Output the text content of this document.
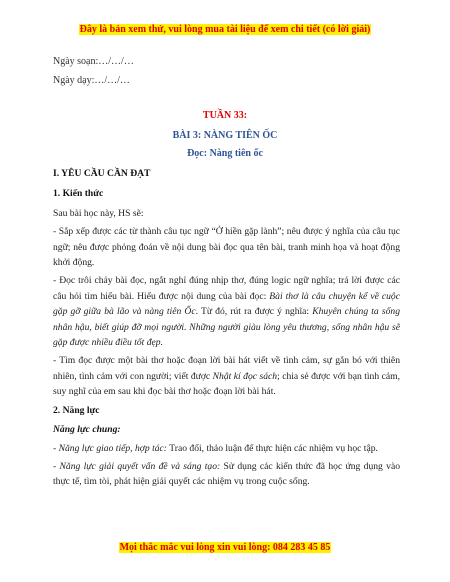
Đây là bản xem thử, vui lòng mua tài liệu để xem chi tiết (có lời giải)
Ngày soạn:…/…/…
Ngày dạy:…/…/…
TUẦN 33:
BÀI 3: NÀNG TIÊN ỐC
Đọc: Nàng tiên ốc

I. YÊU CẦU CẦN ĐẠT

1. Kiến thức

Sau bài học này, HS sẽ:

- Sắp xếp được các từ thành câu tục ngữ “Ở hiền gặp lành”; nêu được ý nghĩa của câu tục ngữ; nêu được phỏng đoán về nội dung bài đọc qua tên bài, tranh minh họa và hoạt động khởi động.

- Đọc trôi chảy bài đọc, ngắt nghỉ đúng nhịp thơ, đúng logic ngữ nghĩa; trả lời được các câu hỏi tìm hiểu bài. Hiểu được nội dung của bài đọc: Bài thơ là câu chuyện kể về cuộc gặp gỡ giữa bà lão và nàng tiên Ốc. Từ đó, rút ra được ý nghĩa: Khuyên chúng ta sống nhân hậu, biết giúp đỡ mọi người. Những người giàu lòng yêu thương, sống nhân hậu sẽ gặp được nhiều điều tốt đẹp.

- Tìm đọc được một bài thơ hoặc đoạn lời bài hát viết về tình cảm, sự gắn bó với thiên nhiên, tình cảm với con người; viết được Nhật kí đọc sách; chia sẻ được với bạn tình cảm, suy nghĩ của em sau khi đọc bài thơ hoặc đoạn lời bài hát.

2. Năng lực

Năng lực chung:

- Năng lực giao tiếp, hợp tác: Trao đổi, thảo luận để thực hiện các nhiệm vụ học tập.

- Năng lực giải quyết vấn đề và sáng tạo: Sử dụng các kiến thức đã học ứng dụng vào thực tế, tìm tòi, phát hiện giải quyết các nhiệm vụ trong cuộc sống.

Mọi thắc mắc vui lòng xin vui lòng: 084 283 45 85
